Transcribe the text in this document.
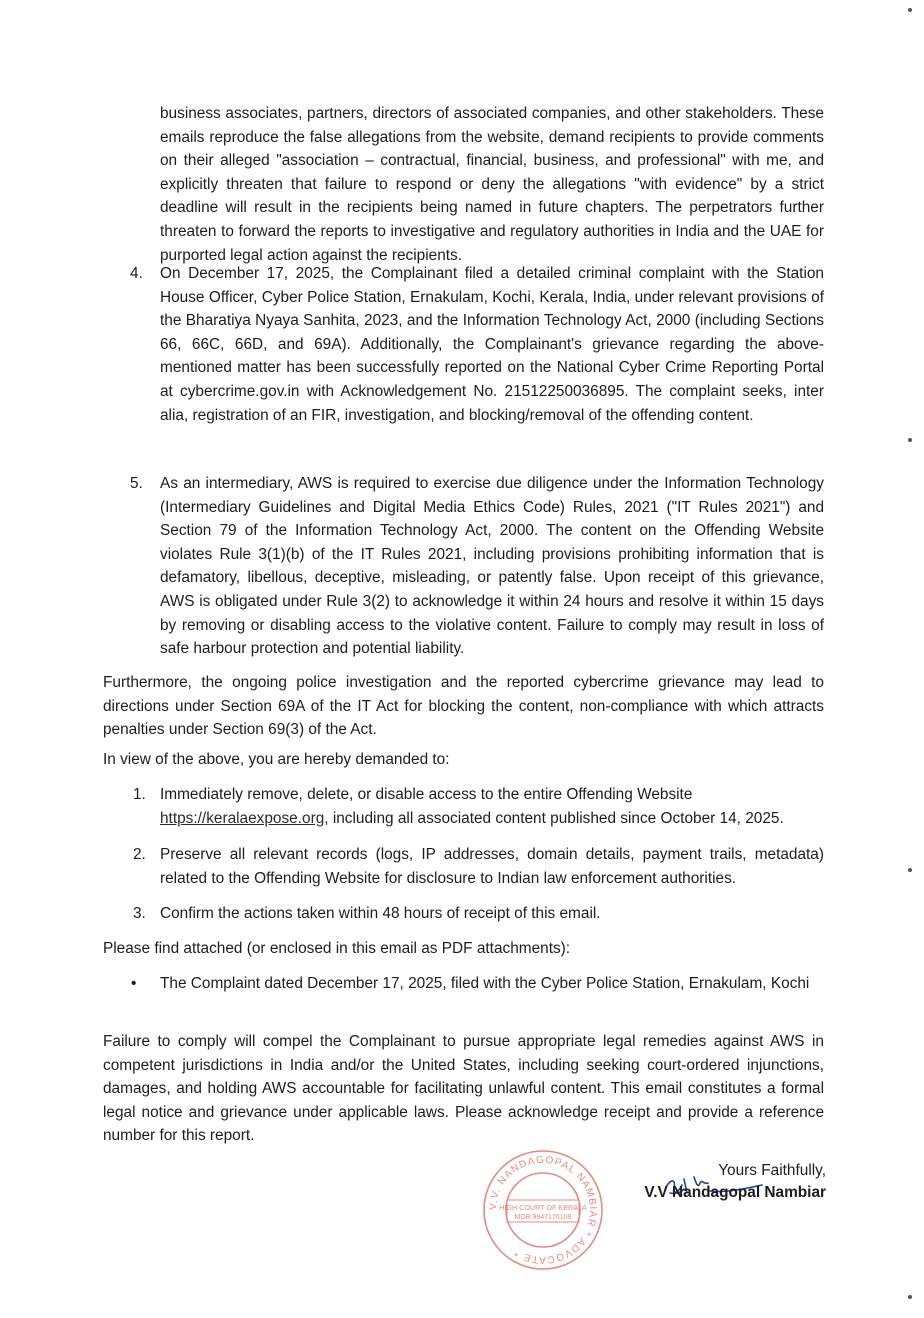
business associates, partners, directors of associated companies, and other stakeholders. These emails reproduce the false allegations from the website, demand recipients to provide comments on their alleged "association – contractual, financial, business, and professional" with me, and explicitly threaten that failure to respond or deny the allegations "with evidence" by a strict deadline will result in the recipients being named in future chapters. The perpetrators further threaten to forward the reports to investigative and regulatory authorities in India and the UAE for purported legal action against the recipients.

4. On December 17, 2025, the Complainant filed a detailed criminal complaint with the Station House Officer, Cyber Police Station, Ernakulam, Kochi, Kerala, India, under relevant provisions of the Bharatiya Nyaya Sanhita, 2023, and the Information Technology Act, 2000 (including Sections 66, 66C, 66D, and 69A). Additionally, the Complainant's grievance regarding the above-mentioned matter has been successfully reported on the National Cyber Crime Reporting Portal at cybercrime.gov.in with Acknowledgement No. 21512250036895. The complaint seeks, inter alia, registration of an FIR, investigation, and blocking/removal of the offending content.

5. As an intermediary, AWS is required to exercise due diligence under the Information Technology (Intermediary Guidelines and Digital Media Ethics Code) Rules, 2021 ("IT Rules 2021") and Section 79 of the Information Technology Act, 2000. The content on the Offending Website violates Rule 3(1)(b) of the IT Rules 2021, including provisions prohibiting information that is defamatory, libellous, deceptive, misleading, or patently false. Upon receipt of this grievance, AWS is obligated under Rule 3(2) to acknowledge it within 24 hours and resolve it within 15 days by removing or disabling access to the violative content. Failure to comply may result in loss of safe harbour protection and potential liability.

Furthermore, the ongoing police investigation and the reported cybercrime grievance may lead to directions under Section 69A of the IT Act for blocking the content, non-compliance with which attracts penalties under Section 69(3) of the Act.

In view of the above, you are hereby demanded to:

1. Immediately remove, delete, or disable access to the entire Offending Website
https://keralaexpose.org, including all associated content published since October 14, 2025.

2. Preserve all relevant records (logs, IP addresses, domain details, payment trails, metadata) related to the Offending Website for disclosure to Indian law enforcement authorities.

3. Confirm the actions taken within 48 hours of receipt of this email.

Please find attached (or enclosed in this email as PDF attachments):

• The Complaint dated December 17, 2025, filed with the Cyber Police Station, Ernakulam, Kochi

Failure to comply will compel the Complainant to pursue appropriate legal remedies against AWS in competent jurisdictions in India and/or the United States, including seeking court-ordered injunctions, damages, and holding AWS accountable for facilitating unlawful content. This email constitutes a formal legal notice and grievance under applicable laws. Please acknowledge receipt and provide a reference number for this report.

V.V. NANDAGOPAL NAMBIAR * ADVOCATE *
HIGH COURT OF KERALA
MOB.9847176108
Yours Faithfully,
V.V Nandagopal Nambiar
